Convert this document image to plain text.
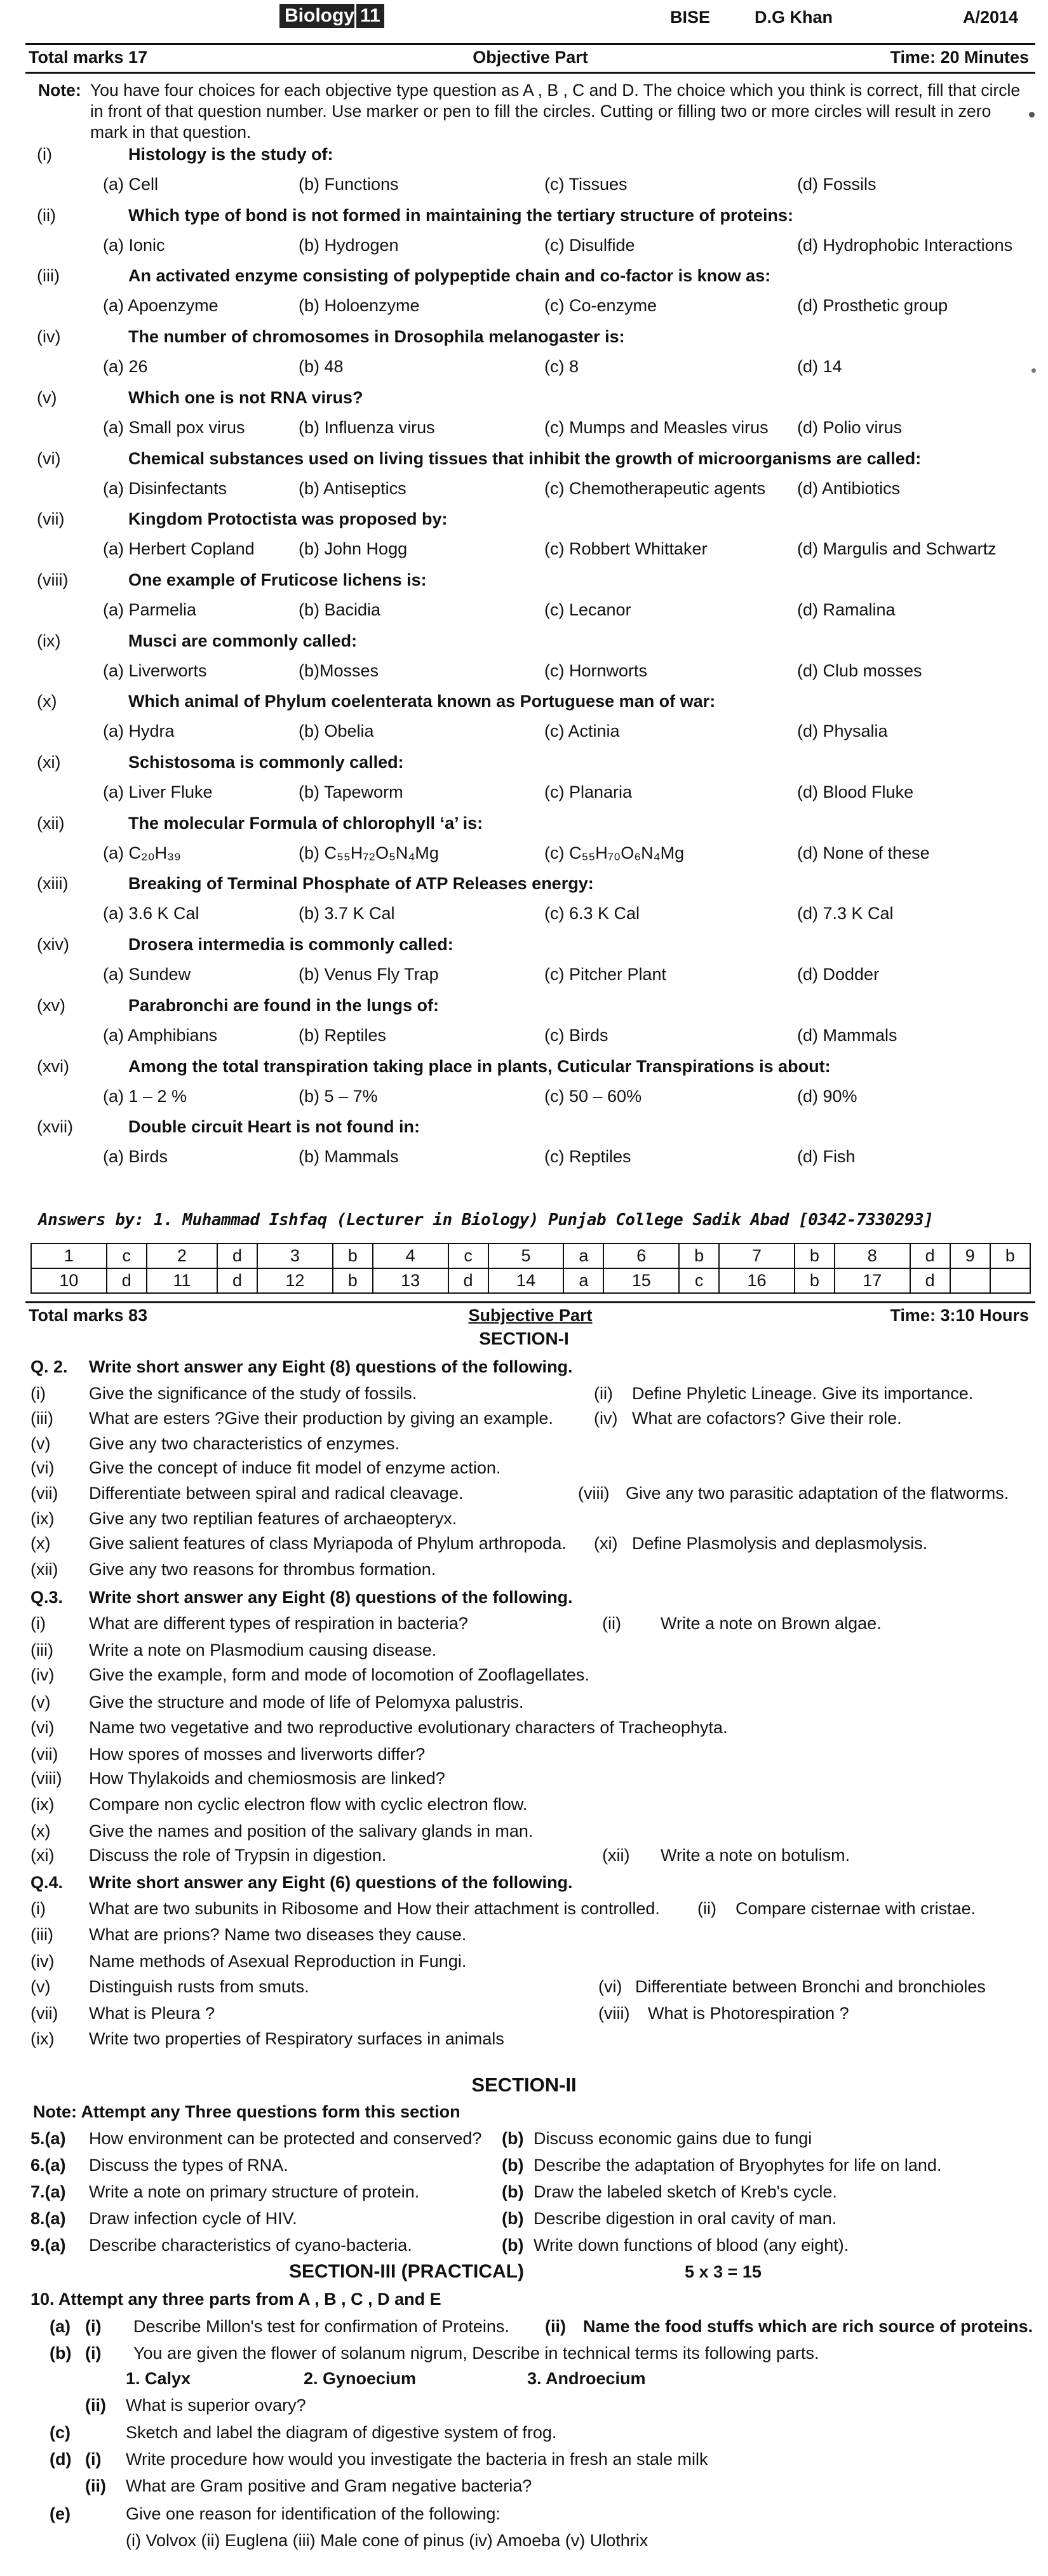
Biology 11	BISE	D.G Khan	A/2014
Total marks 17	Objective Part	Time: 20 Minutes
Note: You have four choices for each objective type question as A , B , C and D. The choice which you think is correct, fill that circle in front of that question number. Use marker or pen to fill the circles. Cutting or filling two or more circles will result in zero mark in that question.
(i)	Histology is the study of:
(a) Cell	(b) Functions	(c) Tissues	(d) Fossils
(ii)	Which type of bond is not formed in maintaining the tertiary structure of proteins:
(a) Ionic	(b) Hydrogen	(c) Disulfide	(d) Hydrophobic Interactions
(iii)	An activated enzyme consisting of polypeptide chain and co-factor is know as:
(a) Apoenzyme	(b) Holoenzyme	(c) Co-enzyme	(d) Prosthetic group
(iv)	The number of chromosomes in Drosophila melanogaster is:
(a) 26	(b) 48	(c) 8	(d) 14
(v)	Which one is not RNA virus?
(a) Small pox virus	(b) Influenza virus	(c) Mumps and Measles virus (d) Polio virus
(vi)	Chemical substances used on living tissues that inhibit the growth of microorganisms are called:
(a) Disinfectants	(b) Antiseptics	(c) Chemotherapeutic agents (d) Antibiotics
(vii)	Kingdom Protoctista was proposed by:
(a) Herbert Copland	(b) John Hogg	(c) Robbert Whittaker	(d) Margulis and Schwartz
(viii)	One example of Fruticose lichens is:
(a) Parmelia	(b) Bacidia	(c) Lecanor	(d) Ramalina
(ix)	Musci are commonly called:
(a) Liverworts	(b)Mosses	(c) Hornworts	(d) Club mosses
(x)	Which animal of Phylum coelenterata known as Portuguese man of war:
(a) Hydra	(b) Obelia	(c) Actinia	(d) Physalia
(xi)	Schistosoma is commonly called:
(a) Liver Fluke	(b) Tapeworm	(c) Planaria	(d) Blood Fluke
(xii)	The molecular Formula of chlorophyll ‘a’ is:
(a) C₂₀H₃₉	(b) C₅₅H₇₂O₅N₄Mg	(c) C₅₅H₇₀O₆N₄Mg	(d) None of these
(xiii)	Breaking of Terminal Phosphate of ATP Releases energy:
(a) 3.6 K Cal	(b) 3.7 K Cal	(c) 6.3 K Cal	(d) 7.3 K Cal
(xiv)	Drosera intermedia is commonly called:
(a) Sundew	(b) Venus Fly Trap	(c) Pitcher Plant	(d) Dodder
(xv)	Parabronchi are found in the lungs of:
(a) Amphibians	(b) Reptiles	(c) Birds	(d) Mammals
(xvi)	Among the total transpiration taking place in plants, Cuticular Transpirations is about:
(a) 1 – 2 %	(b) 5 – 7%	(c) 50 – 60%	(d) 90%
(xvii)	Double circuit Heart is not found in:
(a) Birds	(b) Mammals	(c) Reptiles	(d) Fish
Answers by: 1. Muhammad Ishfaq (Lecturer in Biology) Punjab College Sadik Abad [0342-7330293]
1	c	2	d	3	b	4	c	5	a	6	b	7	b	8	d	9	b
10	d	11	d	12	b	13	d	14	a	15	c	16	b	17	d		
Total marks 83	Subjective Part	Time: 3:10 Hours
SECTION-I
Q. 2. Write short answer any Eight (8) questions of the following.
(i)	Give the significance of the study of fossils.	(ii) Define Phyletic Lineage. Give its importance.
(iii) What are esters ?Give their production by giving an example. (iv) What are cofactors? Give their role.
(v) Give any two characteristics of enzymes.
(vi) Give the concept of induce fit model of enzyme action.
(vii) Differentiate between spiral and radical cleavage.	(viii) Give any two parasitic adaptation of the flatworms.
(ix) Give any two reptilian features of archaeopteryx.
(x) Give salient features of class Myriapoda of Phylum arthropoda. (xi) Define Plasmolysis and deplasmolysis.
(xii) Give any two reasons for thrombus formation.
Q.3. Write short answer any Eight (8) questions of the following.
(i)	What are different types of respiration in bacteria?	(ii) Write a note on Brown algae.
(iii) Write a note on Plasmodium causing disease.
(iv) Give the example, form and mode of locomotion of Zooflagellates.
(v) Give the structure and mode of life of Pelomyxa palustris.
(vi) Name two vegetative and two reproductive evolutionary characters of Tracheophyta.
(vii) How spores of mosses and liverworts differ?
(viii) How Thylakoids and chemiosmosis are linked?
(ix) Compare non cyclic electron flow with cyclic electron flow.
(x) Give the names and position of the salivary glands in man.
(xi) Discuss the role of Trypsin in digestion.	(xii) Write a note on botulism.
Q.4. Write short answer any Eight (6) questions of the following.
(i)	What are two subunits in Ribosome and How their attachment is controlled. (ii) Compare cisternae with cristae.
(iii) What are prions? Name two diseases they cause.
(iv) Name methods of Asexual Reproduction in Fungi.
(v) Distinguish rusts from smuts.	(vi) Differentiate between Bronchi and bronchioles
(vii) What is Pleura ?	(viii) What is Photorespiration ?
(ix) Write two properties of Respiratory surfaces in animals
SECTION-II
Note: Attempt any Three questions form this section
5.(a) How environment can be protected and conserved? (b) Discuss economic gains due to fungi
6.(a) Discuss the types of RNA.	(b) Describe the adaptation of Bryophytes for life on land.
7.(a) Write a note on primary structure of protein.	(b) Draw the labeled sketch of Kreb's cycle.
8.(a) Draw infection cycle of HIV.	(b) Describe digestion in oral cavity of man.
9.(a) Describe characteristics of cyano-bacteria.	(b) Write down functions of blood (any eight).
SECTION-III (PRACTICAL)	5 x 3 = 15
10. Attempt any three parts from A , B , C , D and E
(a) (i) Describe Millon's test for confirmation of Proteins. (ii) Name the food stuffs which are rich source of proteins.
(b) (i) You are given the flower of solanum nigrum, Describe in technical terms its following parts.
1. Calyx	2. Gynoecium	3. Androecium
(ii) What is superior ovary?
(c)	Sketch and label the diagram of digestive system of frog.
(d) (i) Write procedure how would you investigate the bacteria in fresh an stale milk
(ii) What are Gram positive and Gram negative bacteria?
(e)	Give one reason for identification of the following:
(i) Volvox (ii) Euglena (iii) Male cone of pinus (iv) Amoeba (v) Ulothrix
